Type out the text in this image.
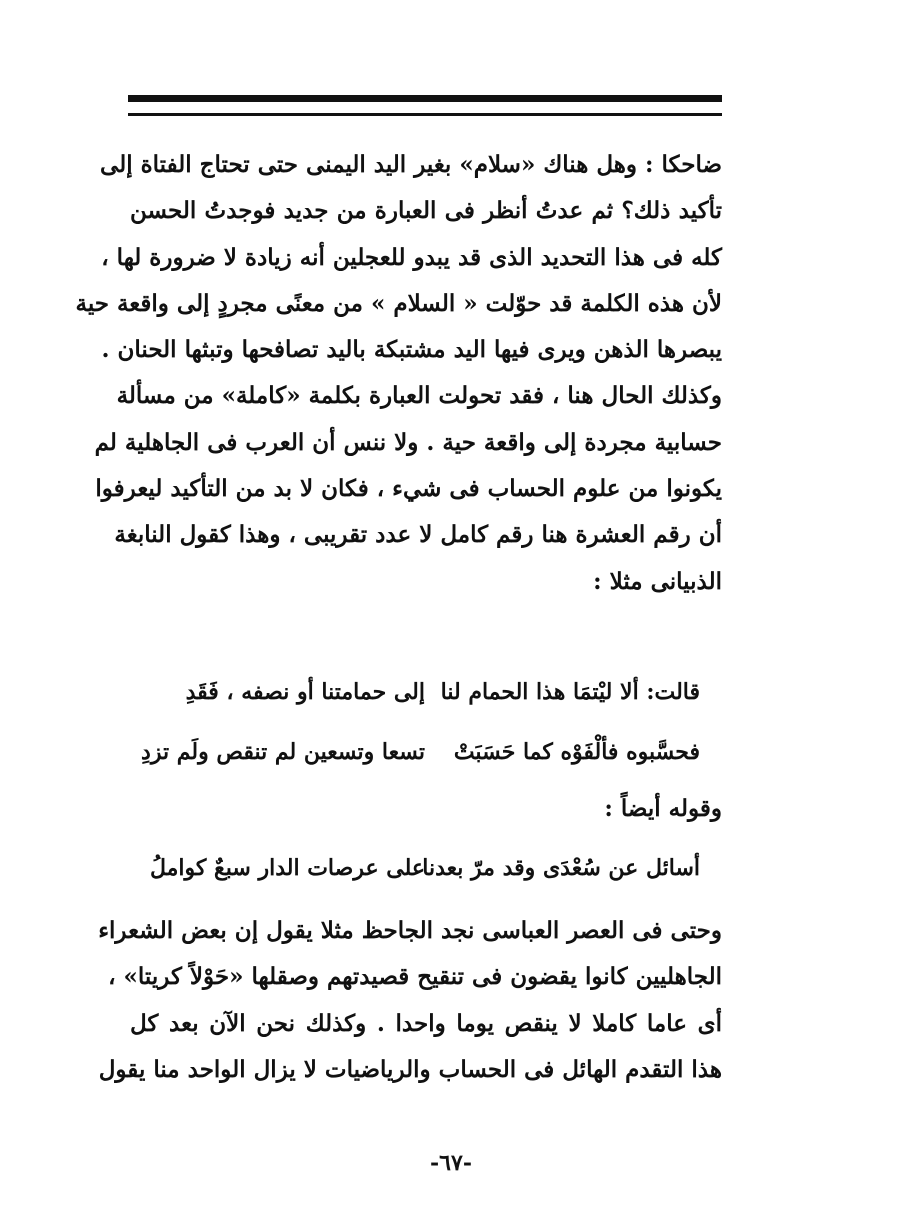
ضاحكا : وهل هناك «سلام» بغير اليد اليمنى حتى تحتاج الفتاة إلى
تأكيد ذلك؟ ثم عدتُ أنظر فى العبارة من جديد فوجدتُ الحسن
كله فى هذا التحديد الذى قد يبدو للعجلين أنه زيادة لا ضرورة لها ،
لأن هذه الكلمة قد حوّلت « السلام » من معنًى مجردٍ إلى واقعة حية
يبصرها الذهن ويرى فيها اليد مشتبكة باليد تصافحها وتبثها الحنان .
وكذلك الحال هنا ، فقد تحولت العبارة بكلمة «كاملة» من مسألة
حسابية مجردة إلى واقعة حية . ولا ننس أن العرب فى الجاهلية لم
يكونوا من علوم الحساب فى شيء ، فكان لا بد من التأكيد ليعرفوا
أن رقم العشرة هنا رقم كامل لا عدد تقريبى ، وهذا كقول النابغة
الذبيانى مثلا :
قالت: ألا ليْتمَا هذا الحمام لنا
إلى حمامتنا أو نصفه ، فَقَدِ
فحسَّبوه فألْفَوْه كما حَسَبَتْ
تسعا وتسعين لم تنقص ولَم تزدِ
وقوله أيضاً :
أسائل عن سُعْدَى وقد مرّ بعدنا
على عرصات الدار سبعٌ كواملُ
وحتى فى العصر العباسى نجد الجاحظ مثلا يقول إن بعض الشعراء
الجاهليين كانوا يقضون فى تنقيح قصيدتهم وصقلها «حَوْلاً كريتا» ،
أى عاما كاملا لا ينقص يوما واحدا . وكذلك نحن الآن بعد كل
هذا التقدم الهائل فى الحساب والرياضيات لا يزال الواحد منا يقول
-٦٧-
